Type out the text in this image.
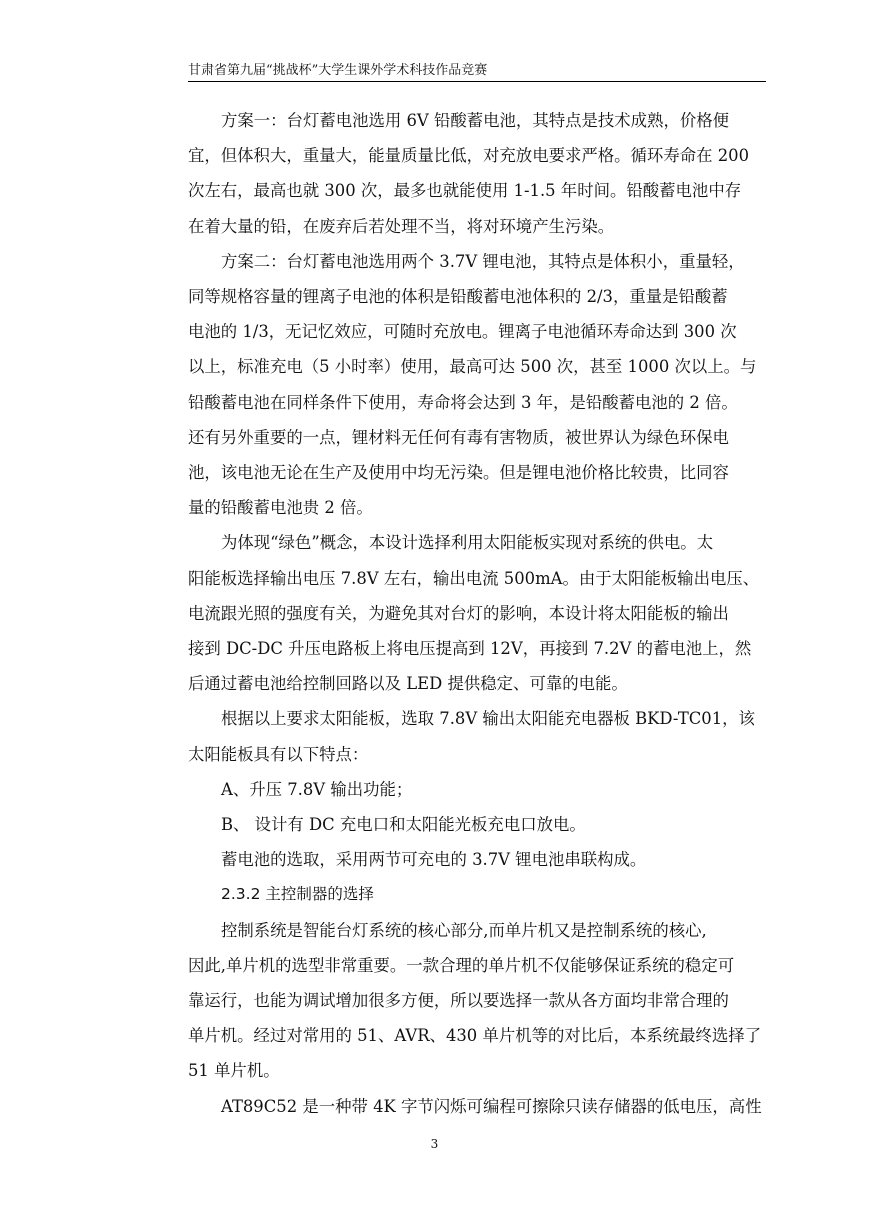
甘肃省第九届“挑战杯”大学生课外学术科技作品竞赛

方案一：台灯蓄电池选用 6V 铅酸蓄电池，其特点是技术成熟，价格便
宜，但体积大，重量大，能量质量比低，对充放电要求严格。循环寿命在 200
次左右，最高也就 300 次，最多也就能使用 1-1.5 年时间。铅酸蓄电池中存
在着大量的铅，在废弃后若处理不当，将对环境产生污染。

方案二：台灯蓄电池选用两个 3.7V 锂电池，其特点是体积小，重量轻，
同等规格容量的锂离子电池的体积是铅酸蓄电池体积的 2/3，重量是铅酸蓄
电池的 1/3，无记忆效应，可随时充放电。锂离子电池循环寿命达到 300 次
以上，标准充电（5 小时率）使用，最高可达 500 次，甚至 1000 次以上。与
铅酸蓄电池在同样条件下使用，寿命将会达到 3 年，是铅酸蓄电池的 2 倍。
还有另外重要的一点，锂材料无任何有毒有害物质，被世界认为绿色环保电
池，该电池无论在生产及使用中均无污染。但是锂电池价格比较贵，比同容
量的铅酸蓄电池贵 2 倍。

为体现“绿色”概念，本设计选择利用太阳能板实现对系统的供电。太
阳能板选择输出电压 7.8V 左右，输出电流 500mA。由于太阳能板输出电压、
电流跟光照的强度有关，为避免其对台灯的影响，本设计将太阳能板的输出
接到 DC-DC 升压电路板上将电压提高到 12V，再接到 7.2V 的蓄电池上，然
后通过蓄电池给控制回路以及 LED 提供稳定、可靠的电能。

根据以上要求太阳能板，选取 7.8V 输出太阳能充电器板 BKD-TC01，该
太阳能板具有以下特点：

A、升压 7.8V 输出功能；

B、 设计有 DC 充电口和太阳能光板充电口放电。

蓄电池的选取，采用两节可充电的 3.7V 锂电池串联构成。

2.3.2 主控制器的选择

控制系统是智能台灯系统的核心部分,而单片机又是控制系统的核心,
因此,单片机的选型非常重要。一款合理的单片机不仅能够保证系统的稳定可
靠运行，也能为调试增加很多方便，所以要选择一款从各方面均非常合理的
单片机。经过对常用的 51、AVR、430 单片机等的对比后，本系统最终选择了
51 单片机。

AT89C52 是一种带 4K 字节闪烁可编程可擦除只读存储器的低电压，高性

3
